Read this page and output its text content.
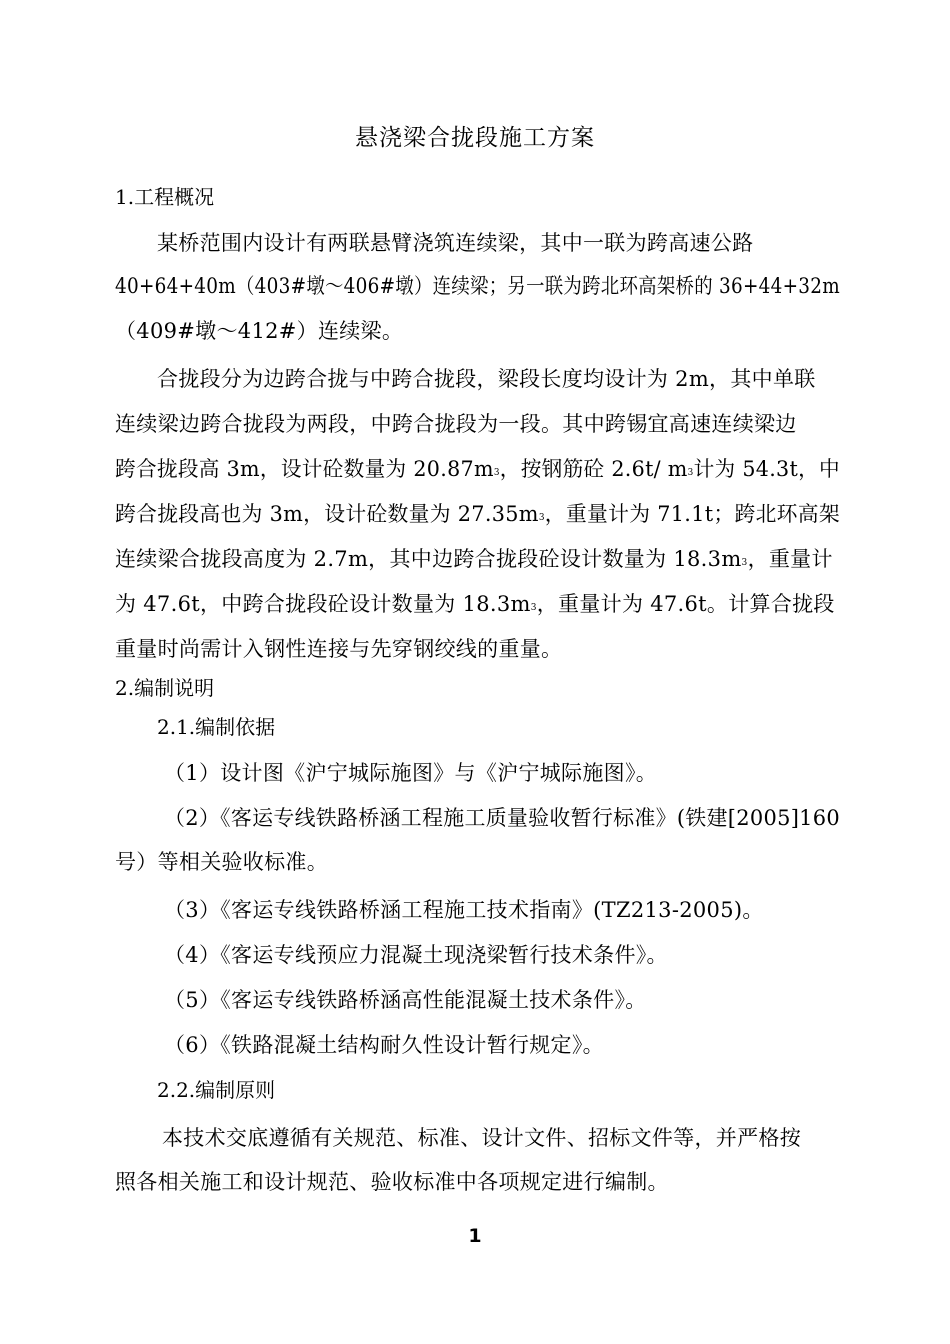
悬浇梁合拢段施工方案
1.工程概况
某桥范围内设计有两联悬臂浇筑连续梁，其中一联为跨高速公路
40+64+40m（403#墩～406#墩）连续梁；另一联为跨北环高架桥的 36+44+32m
（409#墩～412#）连续梁。
合拢段分为边跨合拢与中跨合拢段，梁段长度均设计为 2m，其中单联
连续梁边跨合拢段为两段，中跨合拢段为一段。其中跨锡宜高速连续梁边
跨合拢段高 3m，设计砼数量为 $20.87m^3$，按钢筋砼 2.6t/ $m^3$计为 54.3t，中
跨合拢段高也为 3m，设计砼数量为 $27.35m^3$，重量计为 71.1t；跨北环高架
连续梁合拢段高度为 2.7m，其中边跨合拢段砼设计数量为 $18.3m^3$，重量计
为 47.6t，中跨合拢段砼设计数量为 $18.3m^3$，重量计为 47.6t。计算合拢段
重量时尚需计入钢性连接与先穿钢绞线的重量。
2.编制说明
2.1.编制依据
（1）设计图《沪宁城际施图》与《沪宁城际施图》。
（2）《客运专线铁路桥涵工程施工质量验收暂行标准》(铁建[2005]160
号）等相关验收标准。
（3）《客运专线铁路桥涵工程施工技术指南》(TZ213-2005)。
（4）《客运专线预应力混凝土现浇梁暂行技术条件》。
（5）《客运专线铁路桥涵高性能混凝土技术条件》。
（6）《铁路混凝土结构耐久性设计暂行规定》。
2.2.编制原则
本技术交底遵循有关规范、标准、设计文件、招标文件等，并严格按
照各相关施工和设计规范、验收标准中各项规定进行编制。
1
